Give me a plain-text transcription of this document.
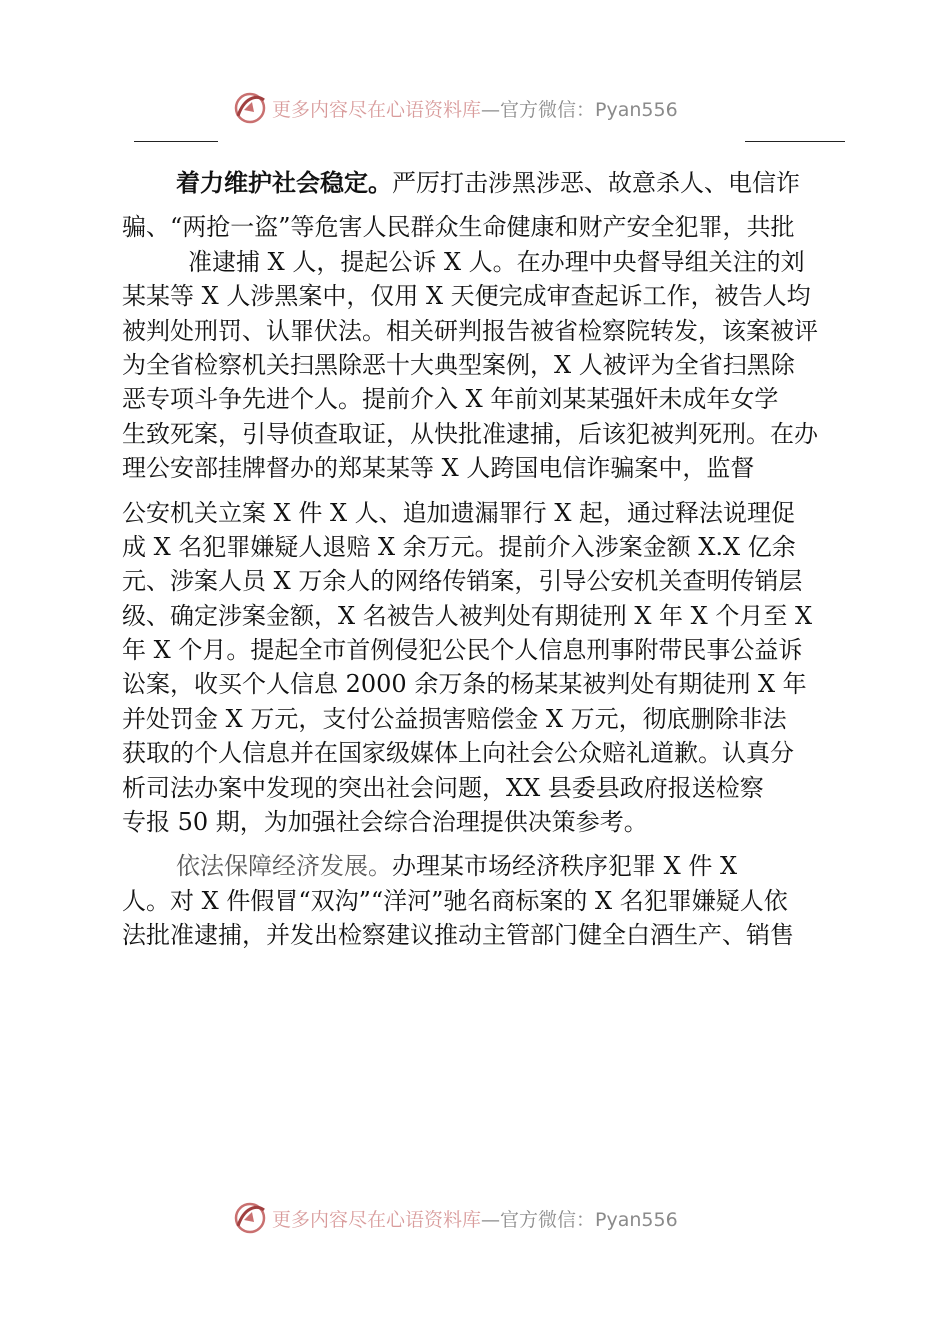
更多内容尽在心语资料库—官方微信：Pyan556
着力维护社会稳定。严厉打击涉黑涉恶、故意杀人、电信诈
骗、“两抢一盗”等危害人民群众生命健康和财产安全犯罪，共批
准逮捕 X 人，提起公诉 X 人。在办理中央督导组关注的刘
某某等 X 人涉黑案中，仅用 X 天便完成审查起诉工作，被告人均
被判处刑罚、认罪伏法。相关研判报告被省检察院转发，该案被评
为全省检察机关扫黑除恶十大典型案例，X 人被评为全省扫黑除
恶专项斗争先进个人。提前介入 X 年前刘某某强奸未成年女学
生致死案，引导侦查取证，从快批准逮捕，后该犯被判死刑。在办
理公安部挂牌督办的郑某某等 X 人跨国电信诈骗案中，监督
公安机关立案 X 件 X 人、追加遗漏罪行 X 起，通过释法说理促
成 X 名犯罪嫌疑人退赔 X 余万元。提前介入涉案金额 X.X 亿余
元、涉案人员 X 万余人的网络传销案，引导公安机关查明传销层
级、确定涉案金额，X 名被告人被判处有期徒刑 X 年 X 个月至 X
年 X 个月。提起全市首例侵犯公民个人信息刑事附带民事公益诉
讼案，收买个人信息 2000 余万条的杨某某被判处有期徒刑 X 年
并处罚金 X 万元，支付公益损害赔偿金 X 万元，彻底删除非法
获取的个人信息并在国家级媒体上向社会公众赔礼道歉。认真分
析司法办案中发现的突出社会问题，XX 县委县政府报送检察
专报 50 期，为加强社会综合治理提供决策参考。
依法保障经济发展。办理某市场经济秩序犯罪 X 件 X
人。对 X 件假冒“双沟”“洋河”驰名商标案的 X 名犯罪嫌疑人依
法批准逮捕，并发出检察建议推动主管部门健全白酒生产、销售
更多内容尽在心语资料库—官方微信：Pyan556
